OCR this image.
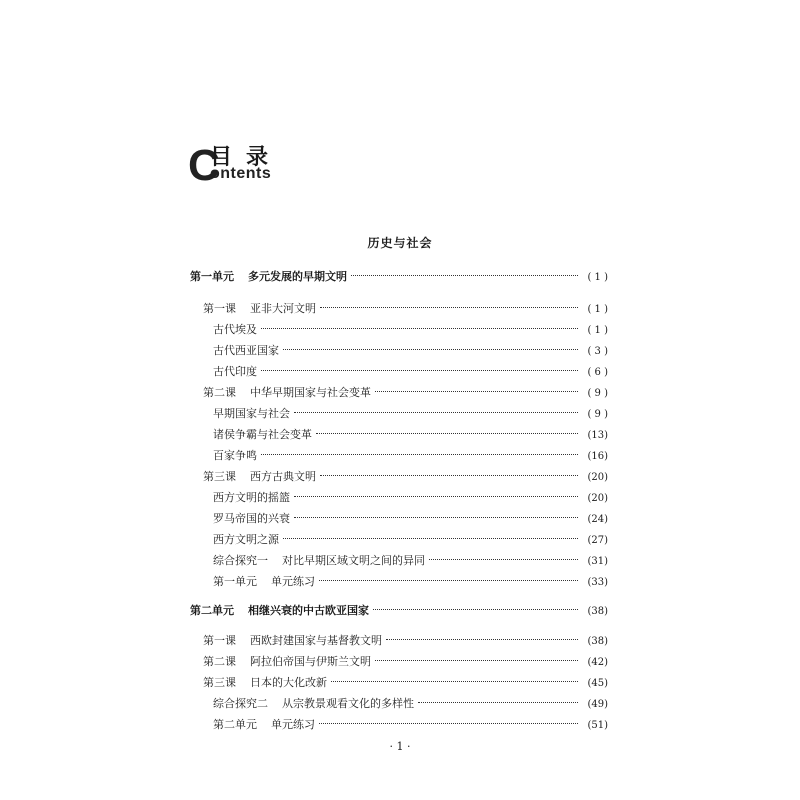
C
目录
ontents
历史与社会
第一单元 多元发展的早期文明	( 1 )
第一课 亚非大河文明	( 1 )
古代埃及	( 1 )
古代西亚国家	( 3 )
古代印度	( 6 )
第二课 中华早期国家与社会变革	( 9 )
早期国家与社会	( 9 )
诸侯争霸与社会变革	(13)
百家争鸣	(16)
第三课 西方古典文明	(20)
西方文明的摇篮	(20)
罗马帝国的兴衰	(24)
西方文明之源	(27)
综合探究一 对比早期区域文明之间的异同	(31)
第一单元 单元练习	(33)
第二单元 相继兴衰的中古欧亚国家	(38)
第一课 西欧封建国家与基督教文明	(38)
第二课 阿拉伯帝国与伊斯兰文明	(42)
第三课 日本的大化改新	(45)
综合探究二 从宗教景观看文化的多样性	(49)
第二单元 单元练习	(51)
· 1 ·
